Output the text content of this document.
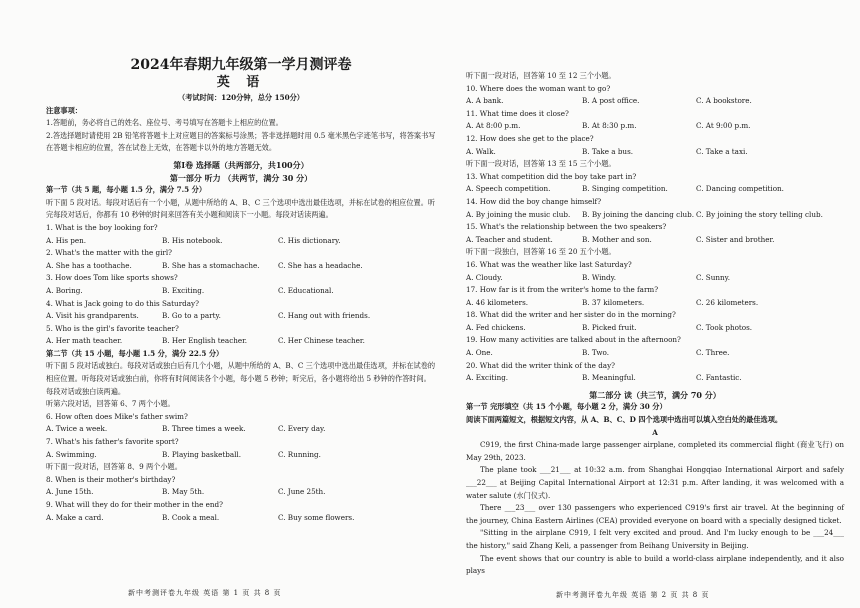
2024年春期九年级第一学月测评卷
英 语
（考试时间：120分钟，总分 150分）
注意事项：
1.答题前，务必将自己的姓名、座位号、考号填写在答题卡上相应的位置。
2.答选择题时请使用 2B 铅笔将答题卡上对应题目的答案标号涂黑；答非选择题时用 0.5 毫米黑色字迹笔书写，将答案书写在答题卡相应的位置，答在试卷上无效，在答题卡以外的地方答题无效。
第Ⅰ卷 选择题（共两部分，共100分）
第一部分 听力 （共两节，满分 30 分）
第一节（共 5 题，每小题 1.5 分，满分 7.5 分）
听下面 5 段对话。每段对话后有一个小题，从题中所给的 A、B、C 三个选项中选出最佳选项，并标在试卷的相应位置。听完每段对话后，你都有 10 秒钟的时间来回答有关小题和阅读下一小题。每段对话读两遍。
1. What is the boy looking for?
A. His pen.	B. His notebook.	C. His dictionary.
2. What's the matter with the girl?
A. She has a toothache.	B. She has a stomachache.	C. She has a headache.
3. How does Tom like sports shows?
A. Boring.	B. Exciting.	C. Educational.
4. What is Jack going to do this Saturday?
A. Visit his grandparents.	B. Go to a party.	C. Hang out with friends.
5. Who is the girl's favorite teacher?
A. Her math teacher.	B. Her English teacher.	C. Her Chinese teacher.
第二节（共 15 小题，每小题 1.5 分，满分 22.5 分）
听下面 5 段对话或独白。每段对话或独白后有几个小题，从题中所给的 A、B、C 三个选项中选出最佳选项，并标在试卷的相应位置。听每段对话或独白前，你将有时间阅读各个小题，每小题 5 秒钟；听完后，各小题将给出 5 秒钟的作答时间。每段对话或独白读两遍。
听第六段对话，回答第 6、7 两个小题。
6. How often does Mike's father swim?
A. Twice a week.	B. Three times a week.	C. Every day.
7. What's his father's favorite sport?
A. Swimming.	B. Playing basketball.	C. Running.
听下面一段对话，回答第 8、9 两个小题。
8. When is their mother's birthday?
A. June 15th.	B. May 5th.	C. June 25th.
9. What will they do for their mother in the end?
A. Make a card.	B. Cook a meal.	C. Buy some flowers.
新中考测评卷九年级 英语 第 1 页 共 8 页
听下面一段对话，回答第 10 至 12 三个小题。
10. Where does the woman want to go?
A. A bank.	B. A post office.	C. A bookstore.
11. What time does it close?
A. At 8:00 p.m.	B. At 8:30 p.m.	C. At 9:00 p.m.
12. How does she get to the place?
A. Walk.	B. Take a bus.	C. Take a taxi.
听下面一段对话，回答第 13 至 15 三个小题。
13. What competition did the boy take part in?
A. Speech competition.	B. Singing competition.	C. Dancing competition.
14. How did the boy change himself?
A. By joining the music club.	B. By joining the dancing club. C. By joining the story telling club.
15. What's the relationship between the two speakers?
A. Teacher and student.	B. Mother and son.	C. Sister and brother.
听下面一段独白，回答第 16 至 20 五个小题。
16. What was the weather like last Saturday?
A. Cloudy.	B. Windy.	C. Sunny.
17. How far is it from the writer's home to the farm?
A. 46 kilometers.	B. 37 kilometers.	C. 26 kilometers.
18. What did the writer and her sister do in the morning?
A. Fed chickens.	B. Picked fruit.	C. Took photos.
19. How many activities are talked about in the afternoon?
A. One.	B. Two.	C. Three.
20. What did the writer think of the day?
A. Exciting.	B. Meaningful.	C. Fantastic.
第二部分 读（共三节，满分 70 分）
第一节 完形填空（共 15 个小题，每小题 2 分，满分 30 分）
阅读下面两篇短文，根据短文内容，从 A、B、C、D 四个选项中选出可以填入空白处的最佳选项。
A
C919, the first China-made large passenger airplane, completed its commercial flight (商业飞行) on May 29th, 2023.
The plane took ___21___ at 10:32 a.m. from Shanghai Hongqiao International Airport and safely ___22___ at Beijing Capital International Airport at 12:31 p.m. After landing, it was welcomed with a water salute (水门仪式).
There ___23___ over 130 passengers who experienced C919's first air travel. At the beginning of the journey, China Eastern Airlines (CEA) provided everyone on board with a specially designed ticket.
"Sitting in the airplane C919, I felt very excited and proud. And I'm lucky enough to be ___24___ the history," said Zhang Keli, a passenger from Beihang University in Beijing.
The event shows that our country is able to build a world-class airplane independently, and it also plays
新中考测评卷九年级 英语 第 2 页 共 8 页
